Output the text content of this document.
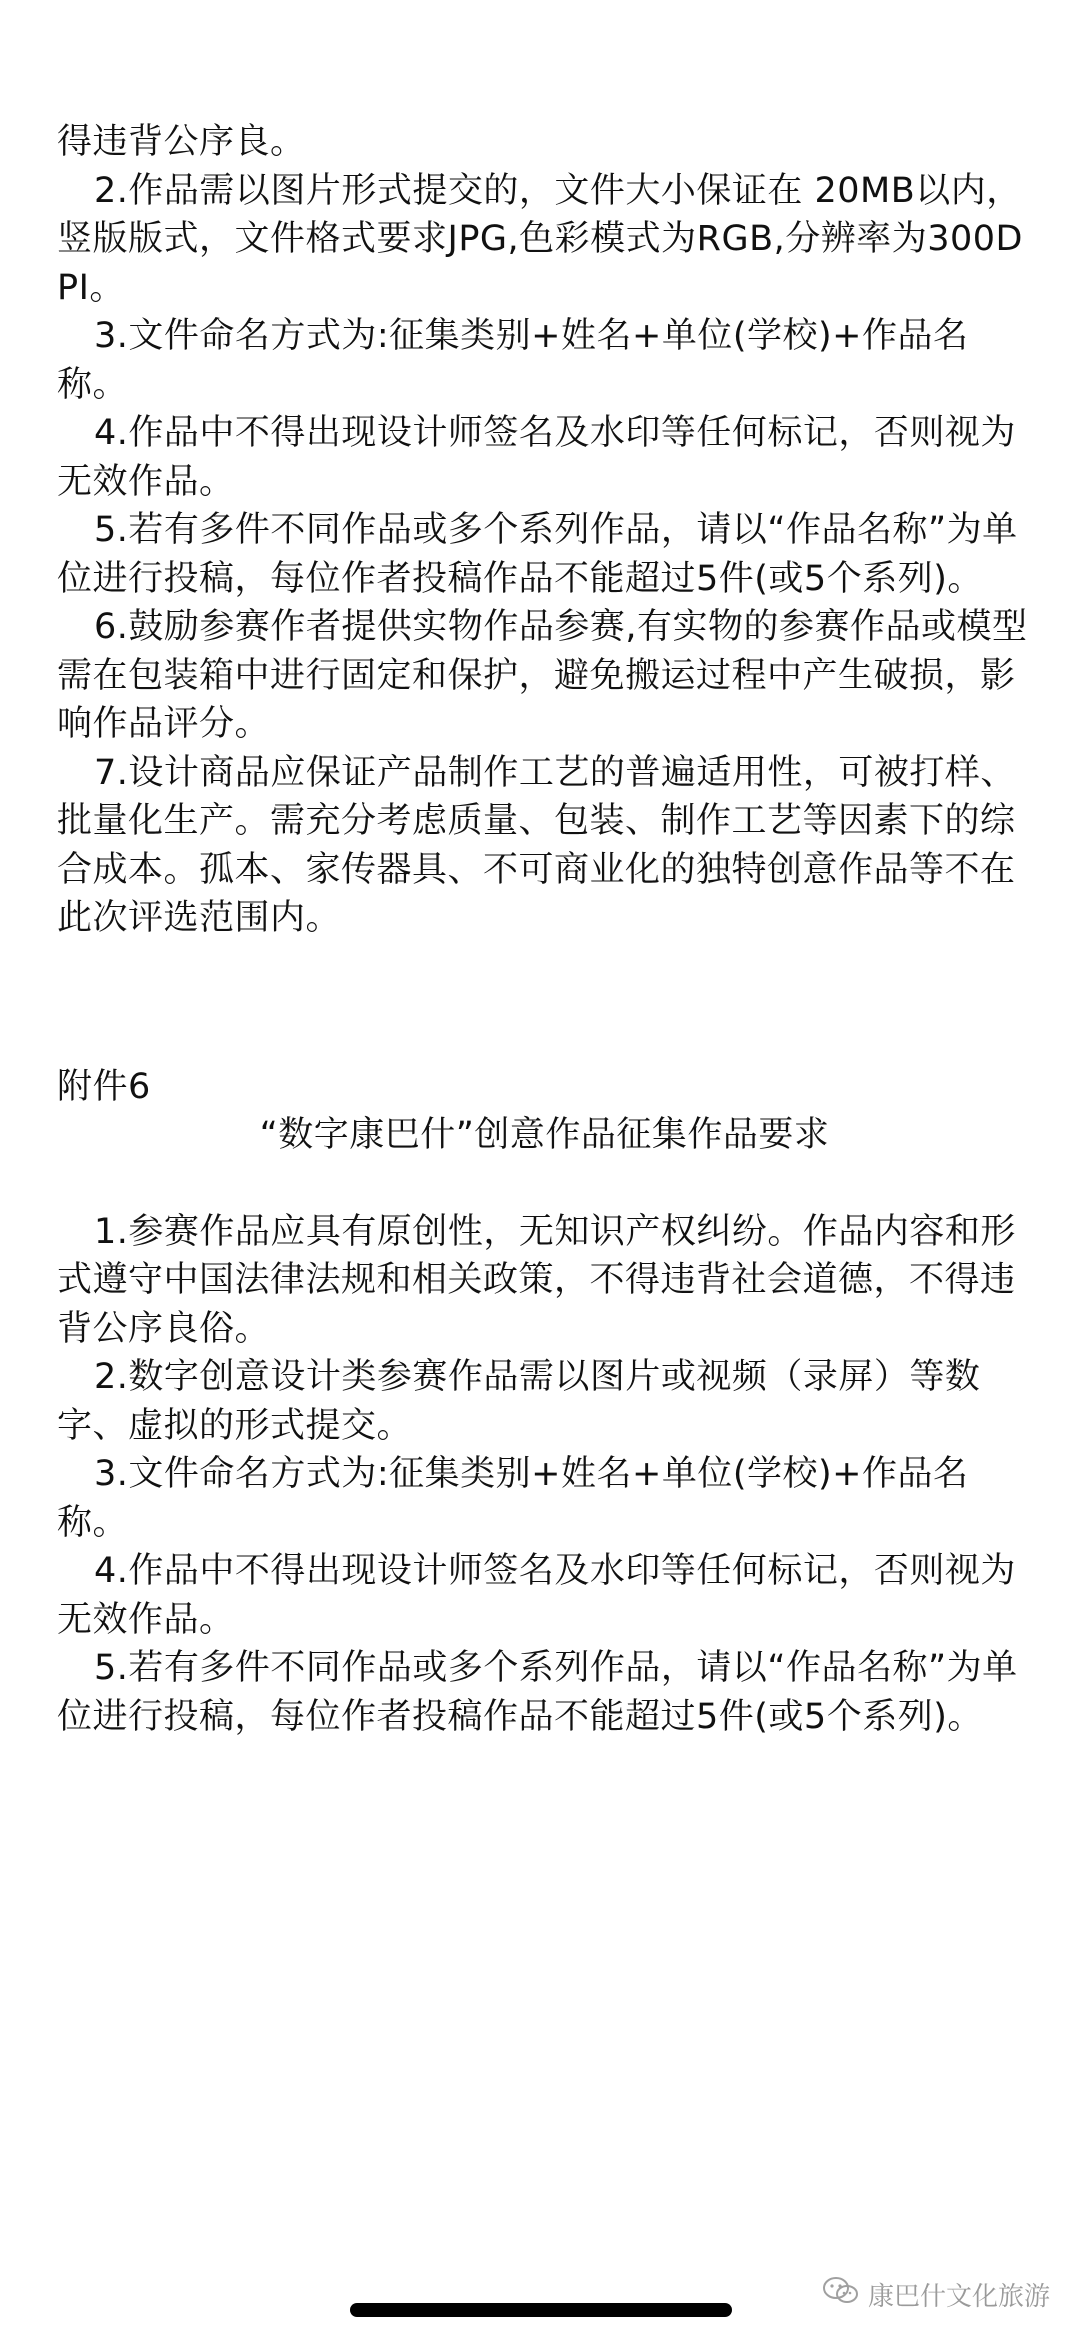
得违背公序良。

2.作品需以图片形式提交的，文件大小保证在 20MB以内，竖版版式，文件格式要求JPG,色彩模式为RGB,分辨率为300DPI。

3.文件命名方式为:征集类别+姓名+单位(学校)+作品名称。

4.作品中不得出现设计师签名及水印等任何标记，否则视为无效作品。

5.若有多件不同作品或多个系列作品，请以“作品名称”为单位进行投稿，每位作者投稿作品不能超过5件(或5个系列)。

6.鼓励参赛作者提供实物作品参赛,有实物的参赛作品或模型需在包装箱中进行固定和保护，避免搬运过程中产生破损，影响作品评分。

7.设计商品应保证产品制作工艺的普遍适用性，可被打样、批量化生产。需充分考虑质量、包装、制作工艺等因素下的综合成本。孤本、家传器具、不可商业化的独特创意作品等不在此次评选范围内。

附件6

“数字康巴什”创意作品征集作品要求

1.参赛作品应具有原创性，无知识产权纠纷。作品内容和形式遵守中国法律法规和相关政策，不得违背社会道德，不得违背公序良俗。

2.数字创意设计类参赛作品需以图片或视频（录屏）等数字、虚拟的形式提交。

3.文件命名方式为:征集类别+姓名+单位(学校)+作品名称。

4.作品中不得出现设计师签名及水印等任何标记，否则视为无效作品。

5.若有多件不同作品或多个系列作品，请以“作品名称”为单位进行投稿，每位作者投稿作品不能超过5件(或5个系列)。

康巴什文化旅游
